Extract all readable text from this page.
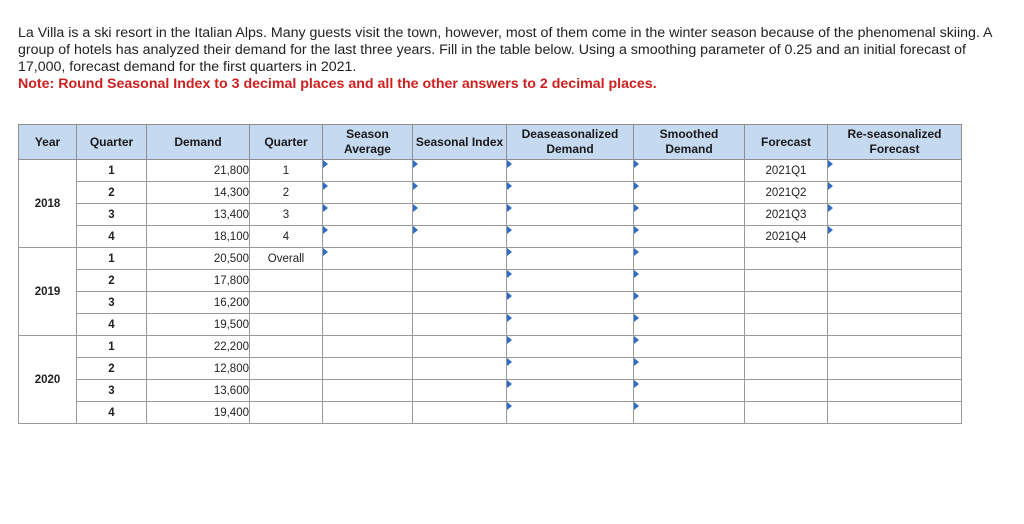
La Villa is a ski resort in the Italian Alps. Many guests visit the town, however, most of them come in the winter season because of the phenomenal skiing. A group of hotels has analyzed their demand for the last three years. Fill in the table below. Using a smoothing parameter of 0.25 and an initial forecast of 17,000, forecast demand for the first quarters in 2021.

Note: Round Seasonal Index to 3 decimal places and all the other answers to 2 decimal places.

Year	Quarter	Demand	Quarter	Season Average	Seasonal Index	Deaseasonalized Demand	Smoothed Demand	Forecast	Re-seasonalized Forecast
2018	1	21,800	1					2021Q1	

	2	14,300	2					2021Q2	

	3	13,400	3					2021Q3	

	4	18,100	4					2021Q4	

2019	1	20,500	Overall	

	2	17,800				

	3	16,200				

	4	19,500				

2020	1	22,200				

	2	12,800				

	3	13,600				

	4	19,400				
